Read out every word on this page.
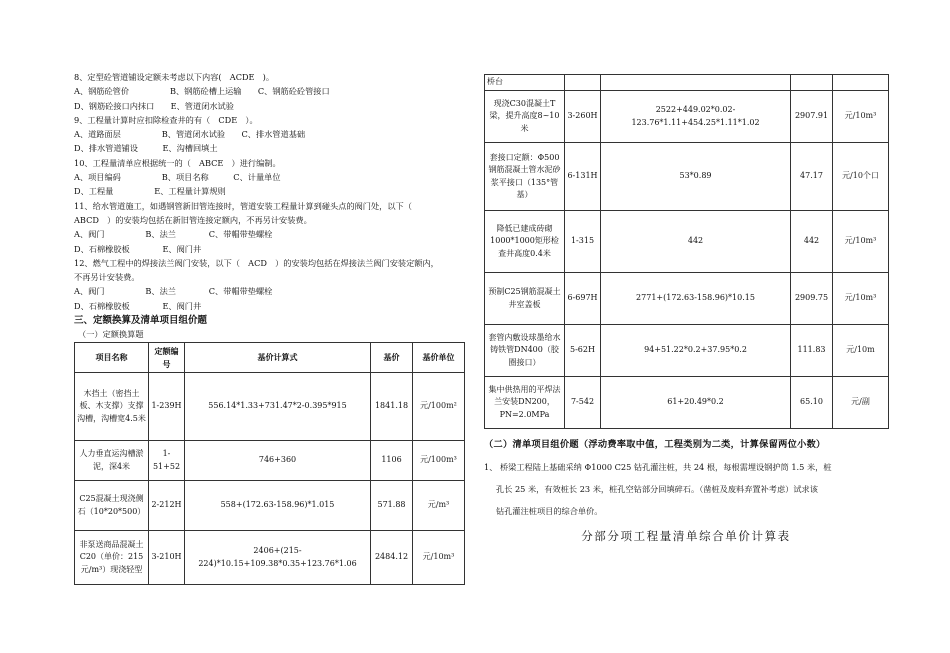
8、定型砼管道铺设定额未考虑以下内容(　ACDE　)。
A、钢筋砼管价　　　　　B、钢筋砼槽上运输　　C、钢筋砼砼管接口
D、钢筋砼接口内抹口　　E、管道闭水试验
9、工程量计算时应扣除检查井的有（　CDE　）。
A、道路面层　　　　　B、管道闭水试验　　C、排水管道基础
D、排水管道铺设　　　E、沟槽回填土
10、工程量清单应根据统一的（　ABCE　）进行编制。
A、项目编码　　　　　B、项目名称　　　C、计量单位
D、工程量　　　　　E、工程量计算规则
11、给水管道施工，如遇钢管新旧管连接时，管道安装工程量计算到碰头点的阀门处，以下（
ABCD　）的安装均包括在新旧管连接定额内，不再另计安装费。
A、阀门　　　　　B、法兰　　　　C、带帽带垫螺栓
D、石棉橡胶板　　　　E、阀门井
12、燃气工程中的焊接法兰阀门安装，以下（　ACD　）的安装均包括在焊接法兰阀门安装定额内，
不再另计安装费。
A、阀门　　　　　B、法兰　　　　C、带帽带垫螺栓
D、石棉橡胶板　　　　E、阀门井
三、定额换算及清单项目组价题
（一）定额换算题
项目名称	定额编号	基价计算式	基价	基价单位
木挡土（密挡土板、木支撑）支撑沟槽，沟槽宽4.5米	1-239H	556.14*1.33+731.47*2-0.395*915	1841.18	元/100m²
人力垂直运沟槽淤泥，深4米	1-51+52	746+360	1106	元/100m³
C25混凝土现浇侧石（10*20*500）	2-212H	558+(172.63-158.96)*1.015	571.88	元/m³
非泵送商品混凝土C20（单价：215元/m³）现浇轻型	3-210H	2406+(215-224)*10.15+109.38*0.35+123.76*1.06	2484.12	元/10m³
桥台				
现浇C30混凝土T梁，提升高度8~10米	3-260H	2522+449.02*0.02-123.76*1.11+454.25*1.11*1.02	2907.91	元/10m³
套接口定额：Φ500钢筋混凝土管水泥砂浆平接口（135°管基）	6-131H	53*0.89	47.17	元/10个口
降低已建成砖砌1000*1000矩形检查井高度0.4米	1-315	442	442	元/10m³
预制C25钢筋混凝土井室盖板	6-697H	2771+(172.63-158.96)*10.15	2909.75	元/10m³
套管内敷设球墨给水铸铁管DN400（胶圈接口）	5-62H	94+51.22*0.2+37.95*0.2	111.83	元/10m
集中供热用的平焊法兰安装DN200，PN=2.0MPa	7-542	61+20.49*0.2	65.10	元/副
（二）清单项目组价题（浮动费率取中值，工程类别为二类，计算保留两位小数）
1、 桥梁工程陆上基础采纳 Φ1000 C25 钻孔灌注桩，共 24 根，每根需埋设钢护筒 1.5 米，桩
孔长 25 米，有效桩长 23 米，桩孔空钻部分回填碎石。（凿桩及废料弃置补考虑）试求该
钻孔灌注桩项目的综合单价。
分部分项工程量清单综合单价计算表
